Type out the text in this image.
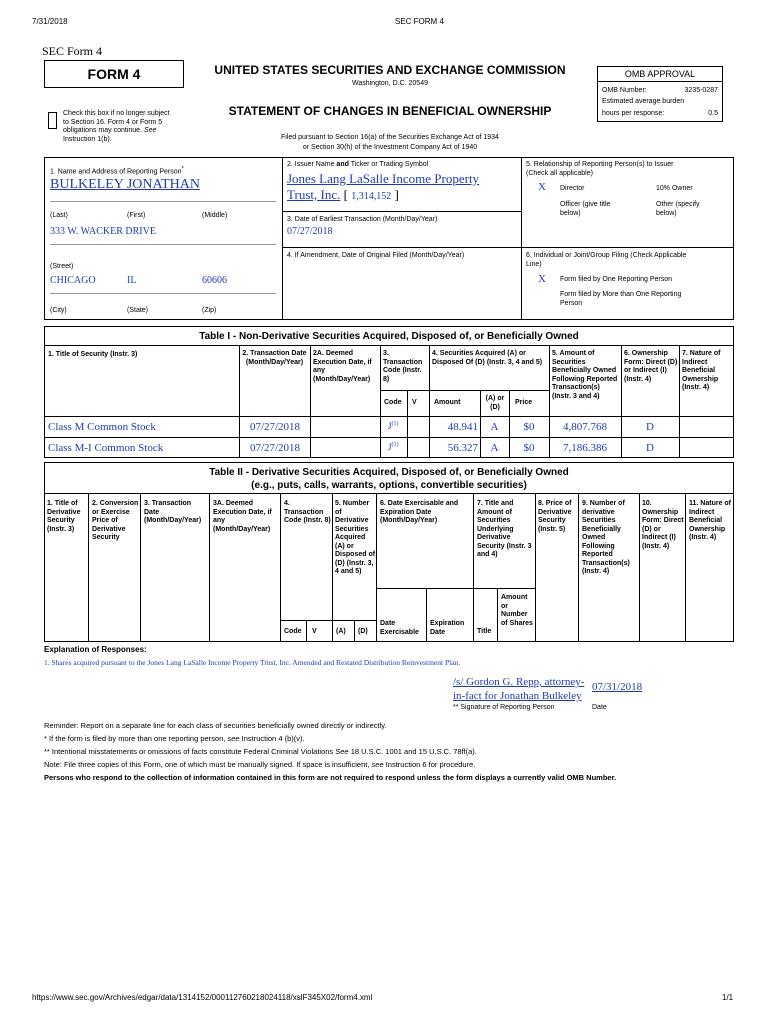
7/31/2018	SEC FORM 4
https://www.sec.gov/Archives/edgar/data/1314152/000112760218024118/xslF345X02/form4.xml	1/1
SEC Form 4
FORM 4	UNITED STATES SECURITIES AND EXCHANGE COMMISSION
Washington, D.C. 20549
STATEMENT OF CHANGES IN BENEFICIAL OWNERSHIP
Filed pursuant to Section 16(a) of the Securities Exchange Act of 1934
or Section 30(h) of the Investment Company Act of 1940
Check this box if no longer subject
to Section 16. Form 4 or Form 5
obligations may continue. See
Instruction 1(b).
OMB APPROVAL
OMB Number:	3235-0287
Estimated average burden
hours per response:	0.5
1. Name and Address of Reporting Person*
BULKELEY JONATHAN
(Last)	(First)	(Middle)
333 W. WACKER DRIVE
(Street)
CHICAGO	IL	60606
(City)	(State)	(Zip)
2. Issuer Name and Ticker or Trading Symbol
Jones Lang LaSalle Income Property
Trust, Inc. [ 1,314,152 ]
3. Date of Earliest Transaction (Month/Day/Year)
07/27/2018
4. If Amendment, Date of Original Filed (Month/Day/Year)
5. Relationship of Reporting Person(s) to Issuer
(Check all applicable)
X Director	10% Owner
Officer (give title
below)
Other (specify
below)
6. Individual or Joint/Group Filing (Check Applicable
Line)
X Form filed by One Reporting Person
Form filed by More than One Reporting
Person
Table I - Non-Derivative Securities Acquired, Disposed of, or Beneficially Owned
1. Title of Security (Instr. 3)	2. Transaction Date (Month/Day/Year)
2A. Deemed Execution Date, if any (Month/Day/Year)
3. Transaction Code (Instr. 8)
4. Securities Acquired (A) or Disposed Of (D) (Instr. 3, 4 and 5)
5. Amount of Securities Beneficially Owned Following Reported Transaction(s) (Instr. 3 and 4)
6. Ownership Form: Direct (D) or Indirect (I) (Instr. 4)
7. Nature of Indirect Beneficial Ownership (Instr. 4)
Code V Amount
(A) or (D)
Price
Class M Common Stock	07/27/2018	$J^{(1)}$	48.941	A	$0	4,807.768	D
Class M-I Common Stock	07/27/2018	$J^{(1)}$	56.327	A	$0	7,186.386	D
Table II - Derivative Securities Acquired, Disposed of, or Beneficially Owned
(e.g., puts, calls, warrants, options, convertible securities)
1. Title of Derivative Security (Instr. 3)
2. Conversion or Exercise Price of Derivative Security
3. Transaction Date (Month/Day/Year)
3A. Deemed Execution Date, if any (Month/Day/Year)
4. Transaction Code (Instr. 8)
5. Number of Derivative Securities Acquired (A) or Disposed of (D) (Instr. 3, 4 and 5)
6. Date Exercisable and Expiration Date (Month/Day/Year)
7. Title and Amount of Securities Underlying Derivative Security (Instr. 3 and 4)
8. Price of Derivative Security (Instr. 5)
9. Number of derivative Securities Beneficially Owned Following Reported Transaction(s) (Instr. 4)
10. Ownership Form: Direct (D) or Indirect (I) (Instr. 4)
11. Nature of Indirect Beneficial Ownership (Instr. 4)
Code V	(A) (D)
Date Exercisable
Expiration Date	Title
Amount or Number of Shares
Explanation of Responses:
1. Shares acquired pursuant to the Jones Lang LaSalle Income Property Trust, Inc. Amended and Restated Distribution Reinvestment Plan.
/s/ Gordon G. Repp, attorney-
in-fact for Jonathan Bulkeley
07/31/2018
** Signature of Reporting Person	Date
Reminder: Report on a separate line for each class of securities beneficially owned directly or indirectly.
* If the form is filed by more than one reporting person, see Instruction 4 (b)(v).
** Intentional misstatements or omissions of facts constitute Federal Criminal Violations See 18 U.S.C. 1001 and 15 U.S.C. 78ff(a).
Note: File three copies of this Form, one of which must be manually signed. If space is insufficient, see Instruction 6 for procedure.
Persons who respond to the collection of information contained in this form are not required to respond unless the form displays a currently valid OMB Number.
